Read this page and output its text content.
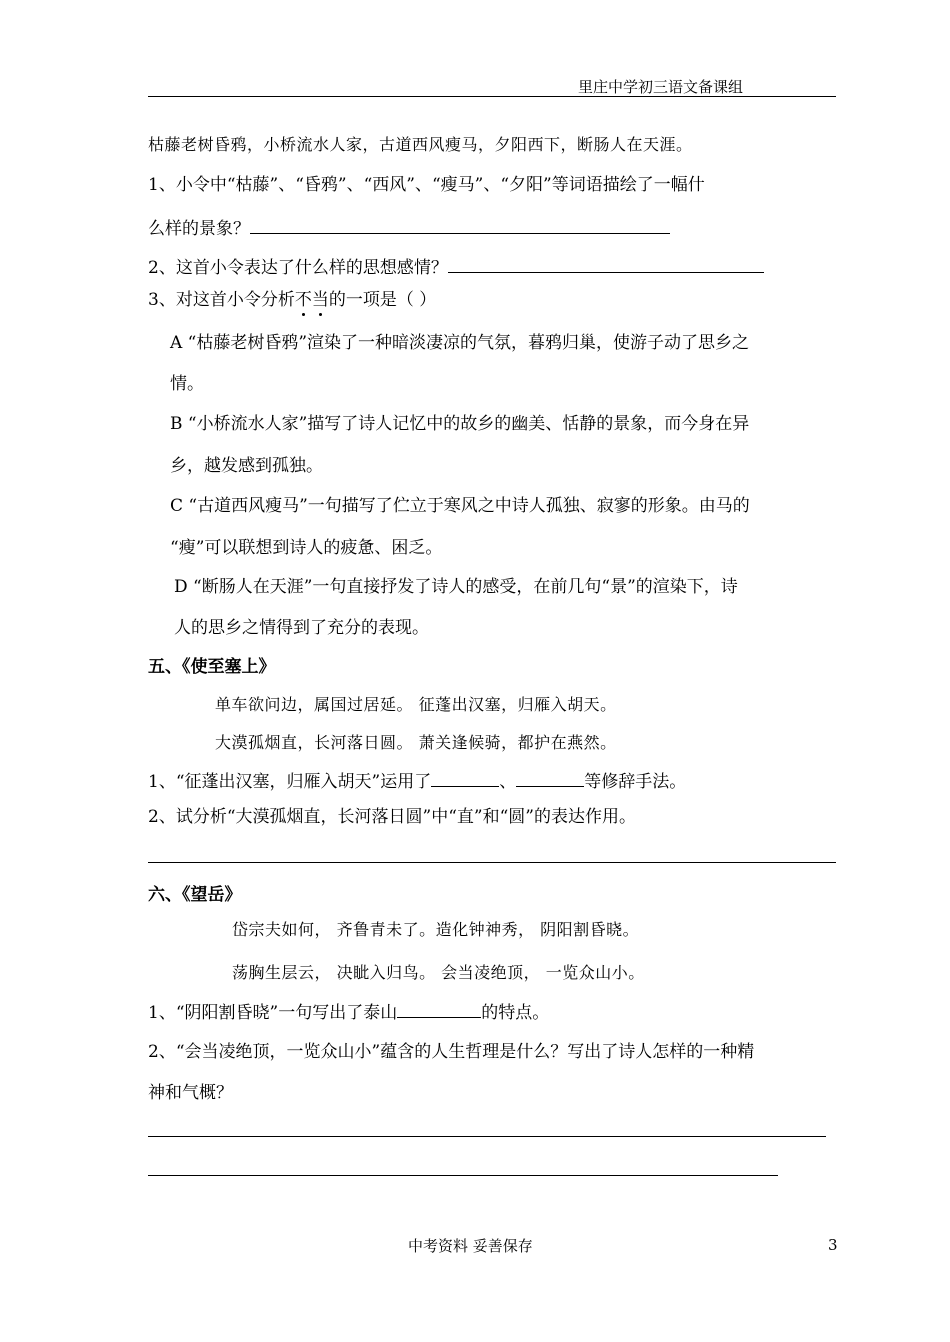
里庄中学初三语文备课组
枯藤老树昏鸦，小桥流水人家，古道西风瘦马，夕阳西下，断肠人在天涯。
1、小令中“枯藤”、“昏鸦”、“西风”、“瘦马”、“夕阳”等词语描绘了一幅什
么样的景象？
2、这首小令表达了什么样的思想感情？
3、对这首小令分析不当的一项是（ ）
A “枯藤老树昏鸦”渲染了一种暗淡凄凉的气氛，暮鸦归巢，使游子动了思乡之
情。
B “小桥流水人家”描写了诗人记忆中的故乡的幽美、恬静的景象，而今身在异
乡，越发感到孤独。
C “古道西风瘦马”一句描写了伫立于寒风之中诗人孤独、寂寥的形象。由马的
“瘦”可以联想到诗人的疲惫、困乏。
D “断肠人在天涯”一句直接抒发了诗人的感受，在前几句“景”的渲染下，诗
人的思乡之情得到了充分的表现。
五、《使至塞上》
单车欲问边，属国过居延。 征蓬出汉塞，归雁入胡天。
大漠孤烟直，长河落日圆。 萧关逢候骑，都护在燕然。
1、“征蓬出汉塞，归雁入胡天”运用了	、	等修辞手法。
2、试分析“大漠孤烟直，长河落日圆”中“直”和“圆”的表达作用。
六、《望岳》
岱宗夫如何， 齐鲁青未了。造化钟神秀， 阴阳割昏晓。
荡胸生层云， 决眦入归鸟。 会当凌绝顶， 一览众山小。
1、“阴阳割昏晓”一句写出了泰山	的特点。
2、“会当凌绝顶，一览众山小”蕴含的人生哲理是什么？写出了诗人怎样的一种精
神和气概？
中考资料 妥善保存	3
